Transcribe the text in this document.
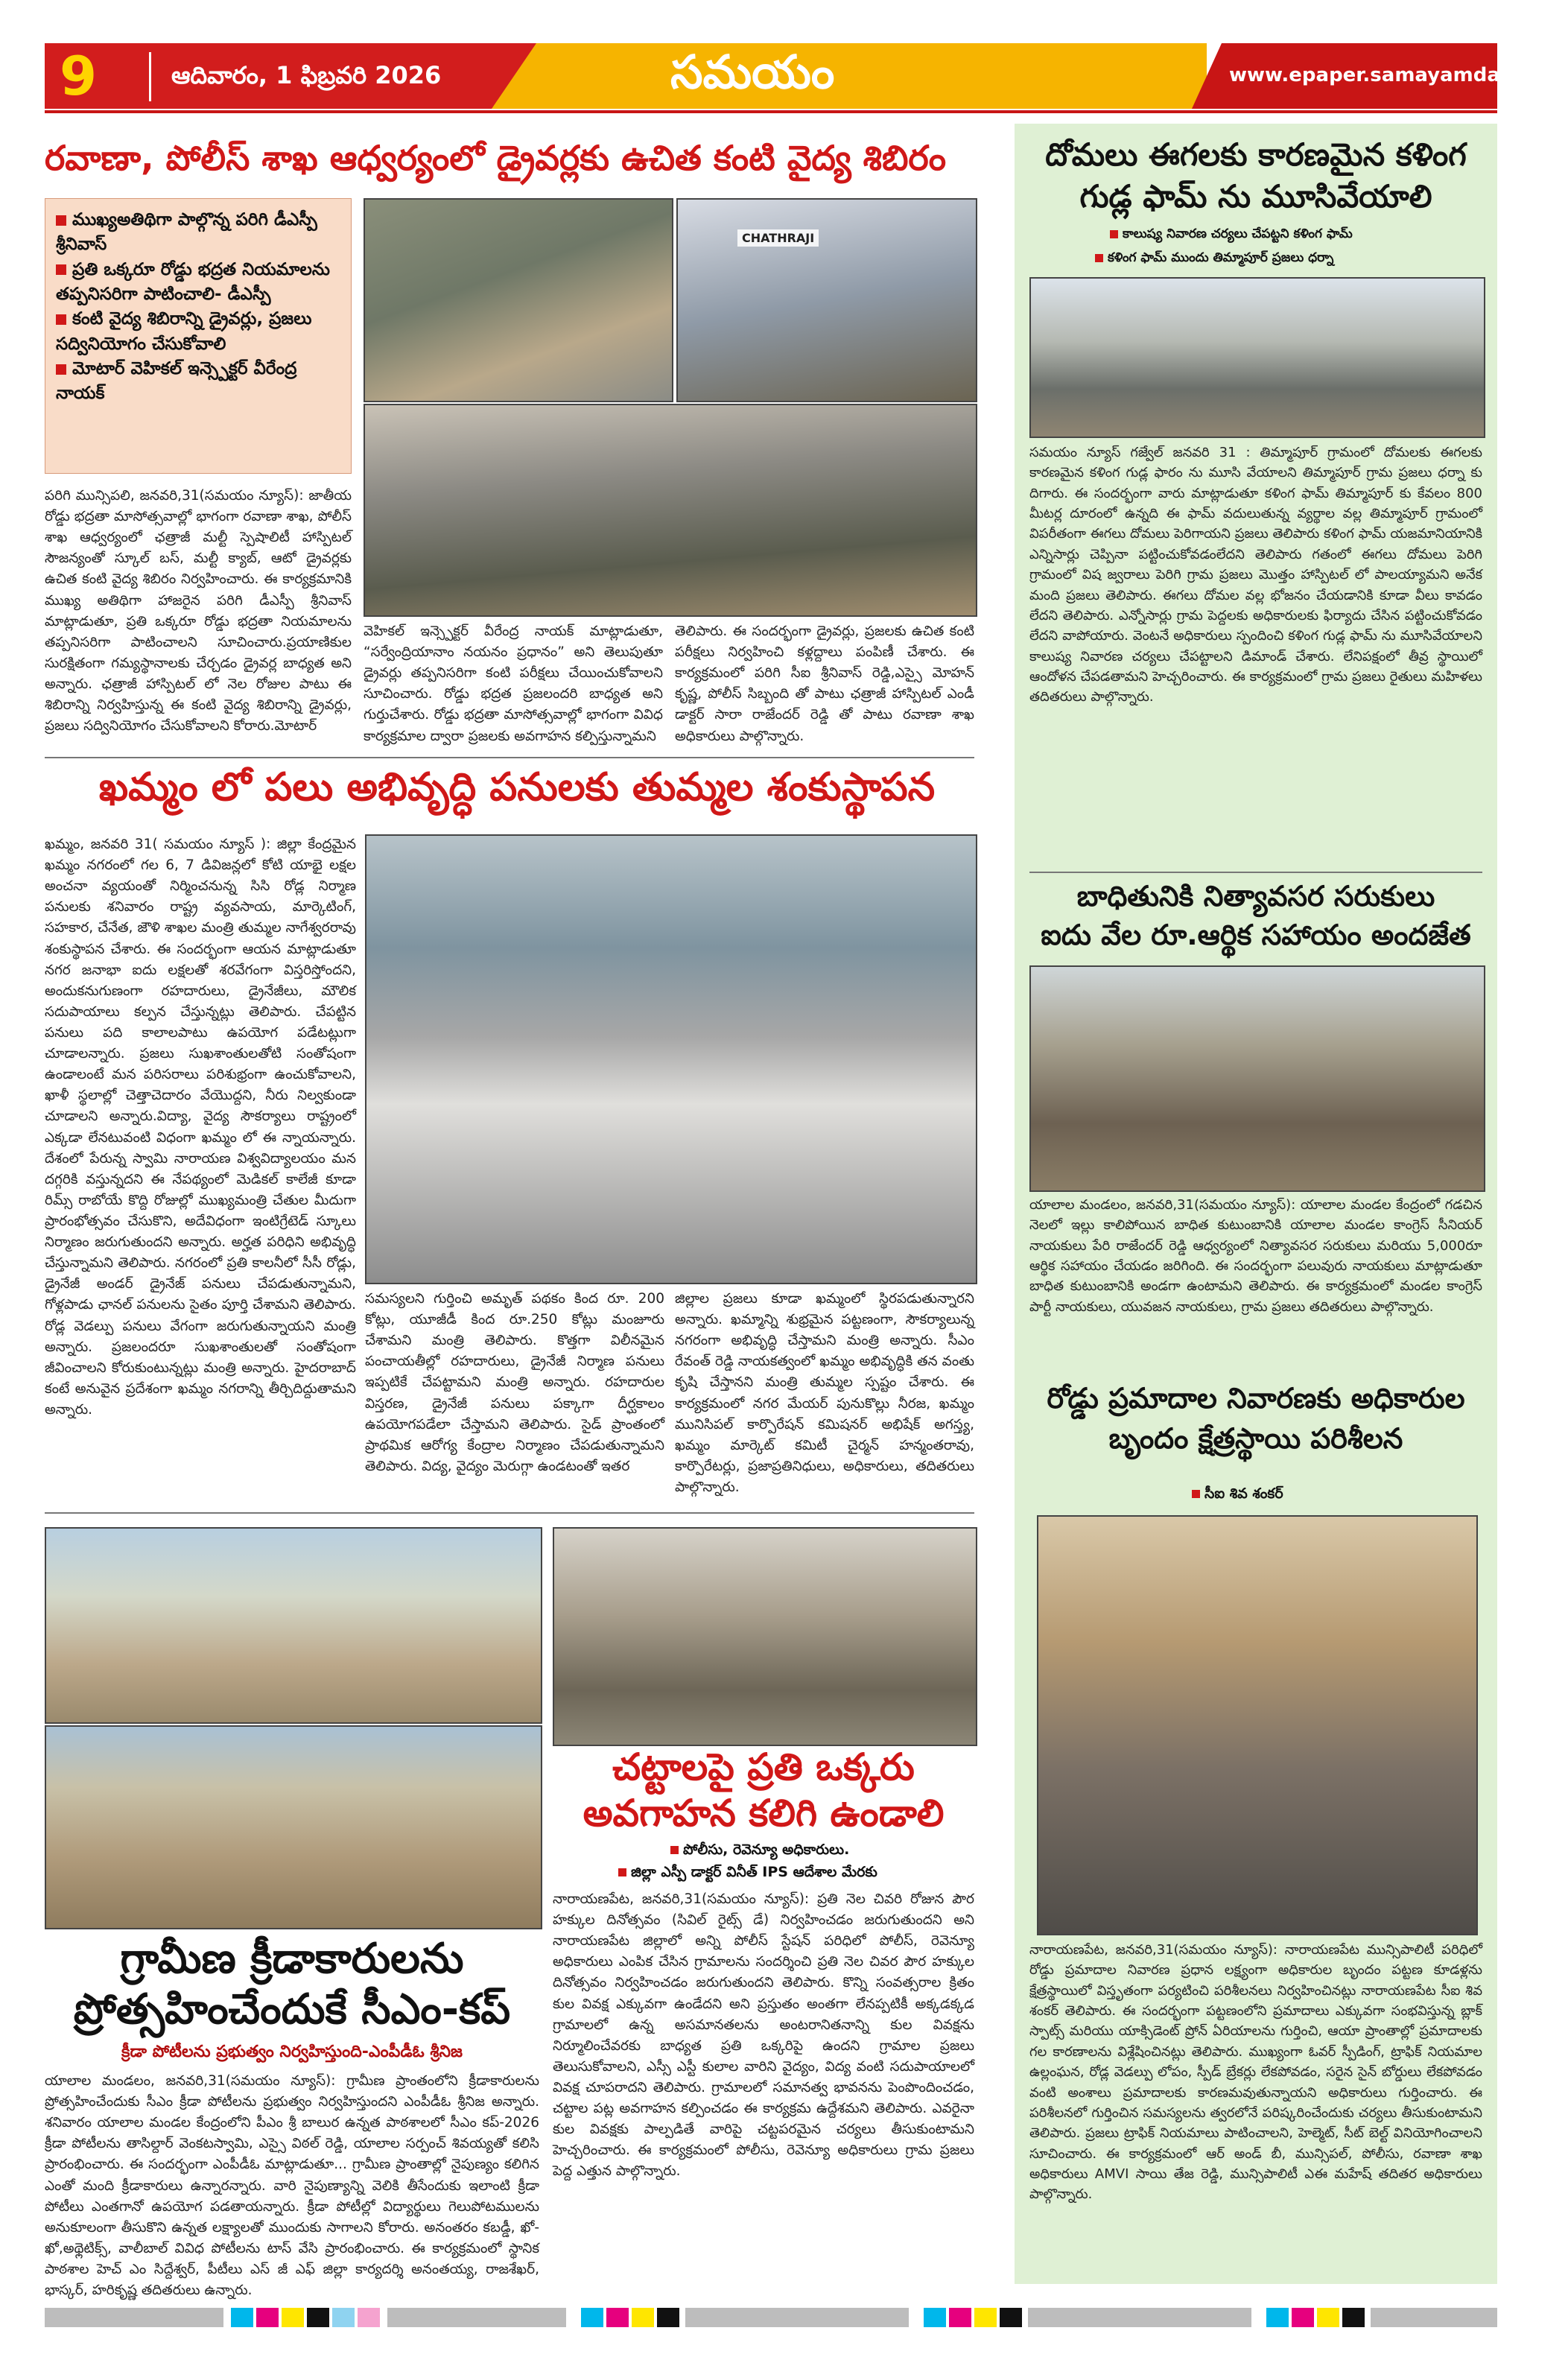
9	ఆదివారం, 1 ఫిబ్రవరి 2026	సమయం	www.epaper.samayamdaily.net
రవాణా, పోలీస్ శాఖ ఆధ్వర్యంలో డ్రైవర్లకు ఉచిత కంటి వైద్య శిబిరం
ముఖ్యఅతిథిగా పాల్గొన్న పరిగి డీఎస్పీ శ్రీనివాస్
ప్రతి ఒక్కరూ రోడ్డు భద్రత నియమాలను తప్పనిసరిగా పాటించాలి- డీఎస్పీ
కంటి వైద్య శిబిరాన్ని డ్రైవర్లు, ప్రజలు సద్వినియోగం చేసుకోవాలి
మోటార్ వెహికల్ ఇన్స్పెక్టర్ వీరేంద్ర నాయక్
CHATHRAJI
పరిగి మున్సిపలి, జనవరి,31(సమయం న్యూస్): జాతీయ రోడ్డు భద్రతా మాసోత్సవాల్లో భాగంగా రవాణా శాఖ, పోలీస్ శాఖ ఆధ్వర్యంలో ఛత్రాజీ మల్టీ స్పెషాలిటీ హాస్పిటల్ సౌజన్యంతో స్కూల్ బస్, మల్టీ క్యాబ్, ఆటో డ్రైవర్లకు ఉచిత కంటి వైద్య శిబిరం నిర్వహించారు. ఈ కార్యక్రమానికి ముఖ్య అతిథిగా హాజరైన పరిగి డీఎస్పీ శ్రీనివాస్ మాట్లాడుతూ, ప్రతి ఒక్కరూ రోడ్డు భద్రతా నియమాలను తప్పనిసరిగా పాటించాలని సూచించారు.ప్రయాణికుల సురక్షితంగా గమ్యస్థానాలకు చేర్చడం డ్రైవర్ల బాధ్యత అని అన్నారు. ఛత్రాజీ హాస్పిటల్ లో నెల రోజుల పాటు ఈ శిబిరాన్ని నిర్వహిస్తున్న ఈ కంటి వైద్య శిబిరాన్ని డ్రైవర్లు, ప్రజలు సద్వినియోగం చేసుకోవాలని కోరారు.మోటార్
వెహికల్ ఇన్స్పెక్టర్ వీరేంద్ర నాయక్ మాట్లాడుతూ, “సర్వేంద్రియానాం నయనం ప్రధానం” అని తెలుపుతూ డ్రైవర్లు తప్పనిసరిగా కంటి పరీక్షలు చేయించుకోవాలని సూచించారు. రోడ్డు భద్రత ప్రజలందరి బాధ్యత అని గుర్తుచేశారు. రోడ్డు భద్రతా మాసోత్సవాల్లో భాగంగా వివిధ కార్యక్రమాల ద్వారా ప్రజలకు అవగాహన కల్పిస్తున్నామని
తెలిపారు. ఈ సందర్భంగా డ్రైవర్లు, ప్రజలకు ఉచిత కంటి పరీక్షలు నిర్వహించి కళ్లద్దాలు పంపిణీ చేశారు. ఈ కార్యక్రమంలో పరిగి సీఐ శ్రీనివాస్ రెడ్డి,ఎస్సై మోహన్ కృష్ణ, పోలీస్ సిబ్బంది తో పాటు ఛత్రాజీ హాస్పిటల్ ఎండీ డాక్టర్ సారా రాజేందర్ రెడ్డి తో పాటు రవాణా శాఖ అధికారులు పాల్గొన్నారు.
ఖమ్మం లో పలు అభివృద్ధి పనులకు తుమ్మల శంకుస్థాపన
ఖమ్మం, జనవరి 31( సమయం న్యూస్ ): జిల్లా కేంద్రమైన ఖమ్మం నగరంలో గల 6, 7 డివిజన్లలో కోటి యాభై లక్షల అంచనా వ్యయంతో నిర్మించనున్న సిసి రోడ్ల నిర్మాణ పనులకు శనివారం రాష్ట్ర వ్యవసాయ, మార్కెటింగ్, సహకార, చేనేత, జౌళి శాఖల మంత్రి తుమ్మల నాగేశ్వరరావు శంకుస్థాపన చేశారు. ఈ సందర్భంగా ఆయన మాట్లాడుతూ నగర జనాభా ఐదు లక్షలతో శరవేగంగా విస్తరిస్తోందని, అందుకనుగుణంగా రహదారులు, డ్రైనేజీలు, మౌలిక సదుపాయాలు కల్పన చేస్తున్నట్లు తెలిపారు. చేపట్టిన పనులు పది కాలాలపాటు ఉపయోగ పడేటట్లుగా చూడాలన్నారు. ప్రజలు సుఖశాంతులతోటి సంతోషంగా ఉండాలంటే మన పరిసరాలు పరిశుభ్రంగా ఉంచుకోవాలని, ఖాళీ స్థలాల్లో చెత్తాచెదారం వేయొద్దని, నీరు నిల్వకుండా చూడాలని అన్నారు.విద్యా, వైద్య సౌకర్యాలు రాష్ట్రంలో ఎక్కడా లేనటువంటి విధంగా ఖమ్మం లో ఈ న్నాయన్నారు. దేశంలో పేరున్న స్వామి నారాయణ విశ్వవిద్యాలయం మన దగ్గరికి వస్తున్నదని ఈ నేపథ్యంలో మెడికల్ కాలేజీ కూడా రిమ్స్ రాబోయే కొద్ది రోజుల్లో ముఖ్యమంత్రి చేతుల మీదుగా ప్రారంభోత్సవం చేసుకొని, అదేవిధంగా ఇంటిగ్రేటెడ్ స్కూలు నిర్మాణం జరుగుతుందని అన్నారు. అర్హత పరిధిని అభివృద్ధి చేస్తున్నామని తెలిపారు. నగరంలో ప్రతి కాలనీలో సీసీ రోడ్లు, డ్రైనేజీ అండర్ డ్రైనేజ్ పనులు చేపడుతున్నామని, గోళ్లపాడు ఛానల్ పనులను సైతం పూర్తి చేశామని తెలిపారు. రోడ్ల వెడల్పు పనులు వేగంగా జరుగుతున్నాయని మంత్రి అన్నారు. ప్రజలందరూ సుఖశాంతులతో సంతోషంగా జీవించాలని కోరుకుంటున్నట్లు మంత్రి అన్నారు. హైదరాబాద్ కంటే అనువైన ప్రదేశంగా ఖమ్మం నగరాన్ని తీర్చిదిద్దుతామని అన్నారు.
సమస్యలని గుర్తించి అమృత్ పథకం కింద రూ. 200 కోట్లు, యూజీడీ కింద రూ.250 కోట్లు మంజూరు చేశామని మంత్రి తెలిపారు. కొత్తగా విలీనమైన పంచాయతీల్లో రహదారులు, డ్రైనేజీ నిర్మాణ పనులు ఇప్పటికే చేపట్టామని మంత్రి అన్నారు. రహదారుల విస్తరణ, డ్రైనేజీ పనులు పక్కాగా దీర్ఘకాలం ఉపయోగపడేలా చేస్తామని తెలిపారు. సైడ్ ప్రాంతంలో ప్రాథమిక ఆరోగ్య కేంద్రాల నిర్మాణం చేపడుతున్నామని తెలిపారు. విద్య, వైద్యం మెరుగ్గా ఉండటంతో ఇతర
జిల్లాల ప్రజలు కూడా ఖమ్మంలో స్థిరపడుతున్నారని అన్నారు. ఖమ్మాన్ని శుభ్రమైన పట్టణంగా, సౌకర్యాలున్న నగరంగా అభివృద్ధి చేస్తామని మంత్రి అన్నారు. సీఎం రేవంత్ రెడ్డి నాయకత్వంలో ఖమ్మం అభివృద్ధికి తన వంతు కృషి చేస్తానని మంత్రి తుమ్మల స్పష్టం చేశారు. ఈ కార్యక్రమంలో నగర మేయర్ పునుకొల్లు నీరజ, ఖమ్మం మునిసిపల్ కార్పొరేషన్ కమిషనర్ అభిషేక్ అగస్త్య, ఖమ్మం మార్కెట్ కమిటీ చైర్మన్ హన్మంతరావు, కార్పొరేటర్లు, ప్రజాప్రతినిధులు, అధికారులు, తదితరులు పాల్గొన్నారు.
గ్రామీణ క్రీడాకారులను
ప్రోత్సహించేందుకే సీఎం-కప్
క్రీడా పోటీలను ప్రభుత్వం నిర్వహిస్తుంది-ఎంపీడీఓ శ్రీనిజ
యాలాల మండలం, జనవరి,31(సమయం న్యూస్): గ్రామీణ ప్రాంతంలోని క్రీడాకారులను ప్రోత్సహించేందుకు సీఎం క్రీడా పోటీలను ప్రభుత్వం నిర్వహిస్తుందని ఎంపీడీఓ శ్రీనిజ అన్నారు. శనివారం యాలాల మండల కేంద్రంలోని పీఎం శ్రీ బాలుర ఉన్నత పాఠశాలలో సీఎం కప్-2026 క్రీడా పోటీలను తాసిల్దార్ వెంకటస్వామి, ఎస్సై విఠల్ రెడ్డి, యాలాల సర్పంచ్ శివయ్యతో కలిసి ప్రారంభించారు. ఈ సందర్భంగా ఎంపీడీఓ మాట్లాడుతూ... గ్రామీణ ప్రాంతాల్లో నైపుణ్యం కలిగిన ఎంతో మంది క్రీడాకారులు ఉన్నారన్నారు. వారి నైపుణ్యాన్ని వెలికి తీసేందుకు ఇలాంటి క్రీడా పోటీలు ఎంతగానో ఉపయోగ పడతాయన్నారు. క్రీడా పోటీల్లో విద్యార్థులు గెలుపోటములను అనుకూలంగా తీసుకొని ఉన్నత లక్ష్యాలతో ముందుకు సాగాలని కోరారు. అనంతరం కబడ్డీ, ఖో-ఖో,అథ్లెటిక్స్, వాలీబాల్ వివిధ పోటీలను టాస్ వేసి ప్రారంభించారు. ఈ కార్యక్రమంలో స్థానిక పాఠశాల హెచ్ ఎం సిద్దేశ్వర్, పీటీలు ఎస్ జీ ఎఫ్ జిల్లా కార్యదర్శి అనంతయ్య, రాజశేఖర్, భాస్కర్, హరికృష్ణ తదితరులు ఉన్నారు.
చట్టాలపై ప్రతి ఒక్కరు
అవగాహన కలిగి ఉండాలి
పోలీసు, రెవెన్యూ అధికారులు.
జిల్లా ఎస్పీ డాక్టర్ వినీత్ IPS ఆదేశాల మేరకు
నారాయణపేట, జనవరి,31(సమయం న్యూస్): ప్రతి నెల చివరి రోజున పౌర హక్కుల దినోత్సవం (సివిల్ రైట్స్ డే) నిర్వహించడం జరుగుతుందని అని నారాయణపేట జిల్లాలో అన్ని పోలీస్ స్టేషన్ పరిధిలో పోలీస్, రెవెన్యూ అధికారులు ఎంపిక చేసిన గ్రామాలను సందర్శించి ప్రతి నెల చివర పౌర హక్కుల దినోత్సవం నిర్వహించడం జరుగుతుందని తెలిపారు. కొన్ని సంవత్సరాల క్రితం కుల వివక్ష ఎక్కువగా ఉండేదని అని ప్రస్తుతం అంతగా లేనప్పటికీ అక్కడక్కడ గ్రామాలలో ఉన్న అసమానతలను అంటరానితనాన్ని కుల వివక్షను నిర్మూలించేవరకు బాధ్యత ప్రతి ఒక్కరిపై ఉందని గ్రామాల ప్రజలు తెలుసుకోవాలని, ఎస్సీ ఎస్టీ కులాల వారిని వైద్యం, విద్య వంటి సదుపాయాలలో వివక్ష చూపరాదని తెలిపారు. గ్రామాలలో సమానత్వ భావనను పెంపొందించడం, చట్టాల పట్ల అవగాహన కల్పించడం ఈ కార్యక్రమ ఉద్దేశమని తెలిపారు. ఎవరైనా కుల వివక్షకు పాల్పడితే వారిపై చట్టపరమైన చర్యలు తీసుకుంటామని హెచ్చరించారు. ఈ కార్యక్రమంలో పోలీసు, రెవెన్యూ అధికారులు గ్రామ ప్రజలు పెద్ద ఎత్తున పాల్గొన్నారు.
దోమలు ఈగలకు కారణమైన కళింగ
గుడ్ల ఫామ్ ను మూసివేయాలి
కాలుష్య నివారణ చర్యలు చేపట్టని కళింగ ఫామ్
కళింగ ఫామ్ ముందు తిమ్మాపూర్ ప్రజలు ధర్నా
సమయం న్యూస్ గజ్వేల్ జనవరి 31 : తిమ్మాపూర్ గ్రామంలో దోమలకు ఈగలకు కారణమైన కళింగ గుడ్ల ఫారం ను మూసి వేయాలని తిమ్మాపూర్ గ్రామ ప్రజలు ధర్నా కు దిగారు. ఈ సందర్భంగా వారు మాట్లాడుతూ కళింగ ఫామ్ తిమ్మాపూర్ కు కేవలం 800 మీటర్ల దూరంలో ఉన్నది ఈ ఫామ్ వదులుతున్న వ్యర్థాల వల్ల తిమ్మాపూర్ గ్రామంలో విపరీతంగా ఈగలు దోమలు పెరిగాయని ప్రజలు తెలిపారు కళింగ ఫామ్ యజమానియానికి ఎన్నిసార్లు చెప్పినా పట్టించుకోవడంలేదని తెలిపారు గతంలో ఈగలు దోమలు పెరిగి గ్రామంలో విష జ్వరాలు పెరిగి గ్రామ ప్రజలు మొత్తం హాస్పిటల్ లో పాలయ్యామని అనేక మంది ప్రజలు తెలిపారు. ఈగలు దోమల వల్ల భోజనం చేయడానికి కూడా వీలు కావడం లేదని తెలిపారు. ఎన్నోసార్లు గ్రామ పెద్దలకు అధికారులకు ఫిర్యాదు చేసిన పట్టించుకోవడం లేదని వాపోయారు. వెంటనే అధికారులు స్పందించి కళింగ గుడ్ల ఫామ్ ను మూసివేయాలని కాలుష్య నివారణ చర్యలు చేపట్టాలని డిమాండ్ చేశారు. లేనిపక్షంలో తీవ్ర స్థాయిలో ఆందోళన చేపడతామని హెచ్చరించారు. ఈ కార్యక్రమంలో గ్రామ ప్రజలు రైతులు మహిళలు తదితరులు పాల్గొన్నారు.
బాధితునికి నిత్యావసర సరుకులు
ఐదు వేల రూ.ఆర్థిక సహాయం అందజేత
యాలాల మండలం, జనవరి,31(సమయం న్యూస్): యాలాల మండల కేంద్రంలో గడచిన నెలలో ఇల్లు కాలిపోయిన బాధిత కుటుంబానికి యాలాల మండల కాంగ్రెస్ సీనియర్ నాయకులు పేరి రాజేందర్ రెడ్డి ఆధ్వర్యంలో నిత్యావసర సరుకులు మరియు 5,000రూ ఆర్థిక సహాయం చేయడం జరిగింది. ఈ సందర్భంగా పలువురు నాయకులు మాట్లాడుతూ బాధిత కుటుంబానికి అండగా ఉంటామని తెలిపారు. ఈ కార్యక్రమంలో మండల కాంగ్రెస్ పార్టీ నాయకులు, యువజన నాయకులు, గ్రామ ప్రజలు తదితరులు పాల్గొన్నారు.
రోడ్డు ప్రమాదాల నివారణకు అధికారుల
బృందం క్షేత్రస్థాయి పరిశీలన
సీఐ శివ శంకర్
నారాయణపేట, జనవరి,31(సమయం న్యూస్): నారాయణపేట మున్సిపాలిటీ పరిధిలో రోడ్డు ప్రమాదాల నివారణ ప్రధాన లక్ష్యంగా అధికారుల బృందం పట్టణ కూడళ్లను క్షేత్రస్థాయిలో విస్తృతంగా పర్యటించి పరిశీలనలు నిర్వహించినట్లు నారాయణపేట సీఐ శివ శంకర్ తెలిపారు. ఈ సందర్భంగా పట్టణంలోని ప్రమాదాలు ఎక్కువగా సంభవిస్తున్న బ్లాక్ స్పాట్స్ మరియు యాక్సిడెంట్ ప్రోన్ ఏరియాలను గుర్తించి, ఆయా ప్రాంతాల్లో ప్రమాదాలకు గల కారణాలను విశ్లేషించినట్లు తెలిపారు. ముఖ్యంగా ఓవర్ స్పీడింగ్, ట్రాఫిక్ నియమాల ఉల్లంఘన, రోడ్ల వెడల్పు లోపం, స్పీడ్ బ్రేకర్లు లేకపోవడం, సరైన సైన్ బోర్డులు లేకపోవడం వంటి అంశాలు ప్రమాదాలకు కారణమవుతున్నాయని అధికారులు గుర్తించారు. ఈ పరిశీలనలో గుర్తించిన సమస్యలను త్వరలోనే పరిష్కరించేందుకు చర్యలు తీసుకుంటామని తెలిపారు. ప్రజలు ట్రాఫిక్ నియమాలు పాటించాలని, హెల్మెట్, సీట్ బెల్ట్ వినియోగించాలని సూచించారు. ఈ కార్యక్రమంలో ఆర్ అండ్ బీ, మున్సిపల్, పోలీసు, రవాణా శాఖ అధికారులు AMVI సాయి తేజ రెడ్డి, మున్సిపాలిటీ ఎఈ మహేష్ తదితర అధికారులు పాల్గొన్నారు.
